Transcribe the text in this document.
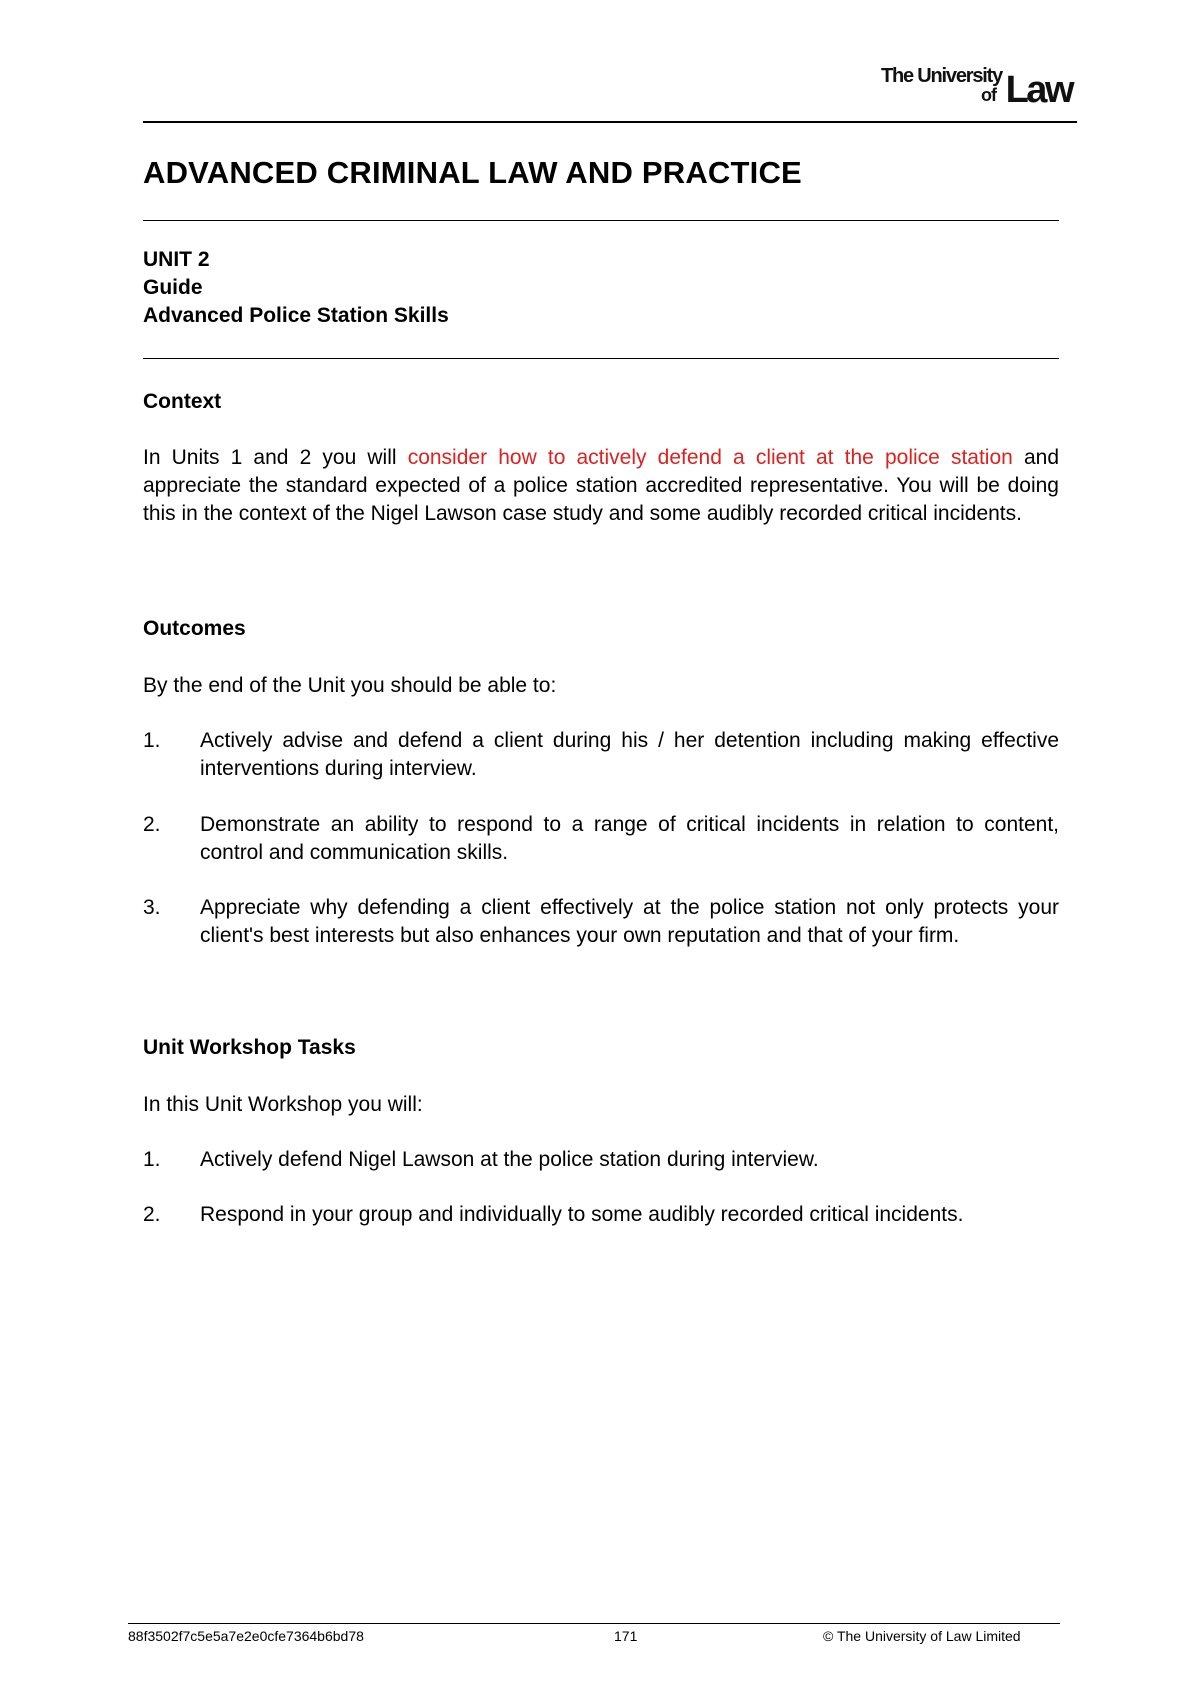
The University
of Law
ADVANCED CRIMINAL LAW AND PRACTICE
UNIT 2
Guide
Advanced Police Station Skills
Context

In Units 1 and 2 you will consider how to actively defend a client at the police station and appreciate the standard expected of a police station accredited representative. You will be doing this in the context of the Nigel Lawson case study and some audibly recorded critical incidents.

Outcomes

By the end of the Unit you should be able to:

1. Actively advise and defend a client during his / her detention including making effective interventions during interview.
2. Demonstrate an ability to respond to a range of critical incidents in relation to content, control and communication skills.
3. Appreciate why defending a client effectively at the police station not only protects your client's best interests but also enhances your own reputation and that of your firm.
Unit Workshop Tasks

In this Unit Workshop you will:

1. Actively defend Nigel Lawson at the police station during interview.
2. Respond in your group and individually to some audibly recorded critical incidents.
88f3502f7c5e5a7e2e0cfe7364b6bd78	171	© The University of Law Limited
